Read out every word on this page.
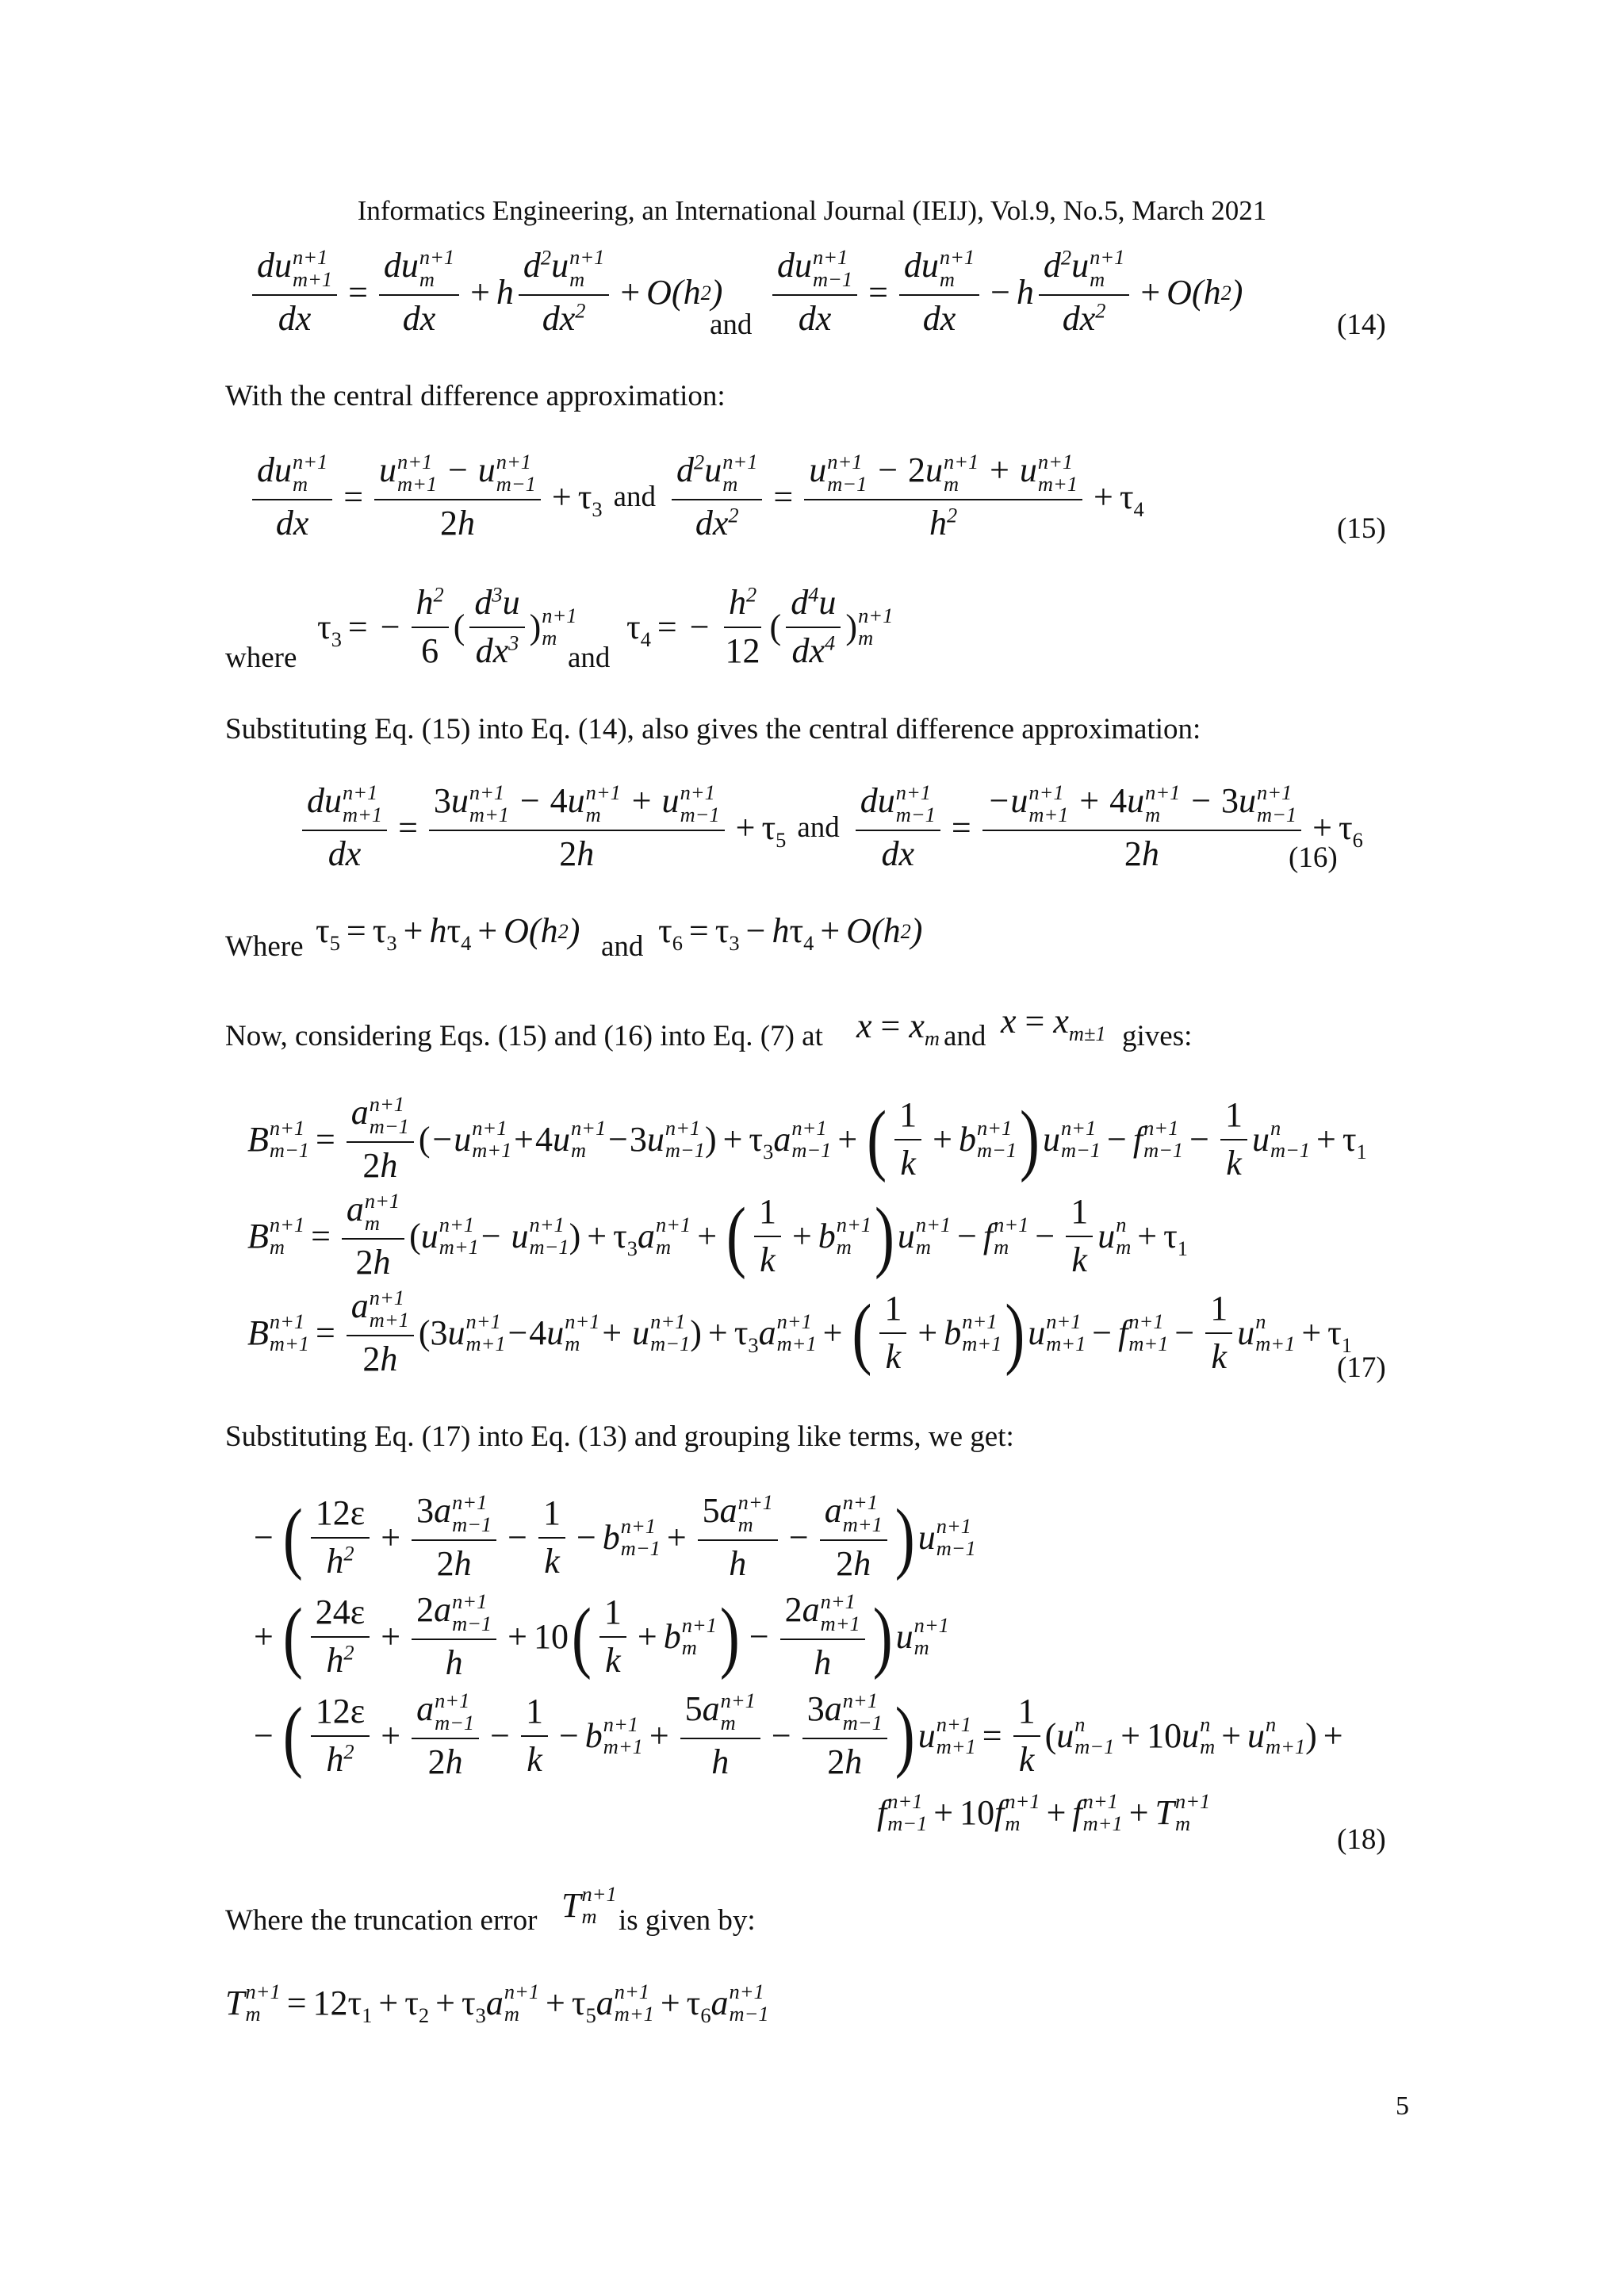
Informatics Engineering, an International Journal (IEIJ), Vol.9, No.5, March 2021
du n+1
m+1
dx = du n+1
m
dx + h $d^2u$ n+1
m
$dx^2 + O(h$ 2 )
and du n+1
m−1
dx = du n+1
m
dx − h $d^2u$ n+1
m
$dx^2 + O(h$ 2 )
(14)
With the central difference approximation:
du n+1
m
dx = u n+1
m+1 − u n+1
m−1
$2h + \tau_3$ and $d^2u$ n+1
m
$dx^2 = u$ n+1
m−1 − 2u n+1
m + u n+1
m+1
$h^2 + \tau_4$
(15)
where
$\tau_3$ = − $\frac{h^2}{6}$ ( $\frac{d^3u}{dx^3}$ ) n+1
m
and
$\tau_4$ = − $\frac{h^2}{12}$ ( $\frac{d^4u}{dx^4}$ ) n+1
m
Substituting Eq. (15) into Eq. (14), also gives the central difference approximation:
du n+1
m+1
dx = 3u n+1
m+1 − 4u n+1
m + u n+1
m−1
$2h + \tau_5$ and du n+1
m−1
dx = −u n+1
m+1 + 4u n+1
m − 3u n+1
m−1
$2h + \tau_6$
(16)
Where $\tau_5 = \tau_3 + h$ $\tau_4 + O(h$ 2 ) and $\tau_6 = \tau_3 - h$ $\tau_4 + O(h$ 2 )
Now, considering Eqs. (15) and (16) into Eq. (7) at $x = x_m$ and $x = x_{m\pm 1}$ gives:
B n+1
m−1 = a n+1
m−1
2h ( −u n+1
m+1 + 4 u n+1
m − 3 u n+1
m−1 ) + $\tau_3$ a n+1
m−1 + ( $\frac{1}{k} + b$ n+1
m−1 ) u n+1
m−1 − f n+1
$m-1 - \frac{1}{k}$ u n
$m-1 + \tau_1$
B n+1
m = a n+1
m
2h ( u n+1
m+1 − u n+1
m−1 ) + $\tau_3$ a n+1
m + ( $\frac{1}{k} + b$ n+1
m ) u n+1
m − f n+1
$m - \frac{1}{k}$ u n
$m + \tau_1$
B n+1
m+1 = a n+1
m+1
2h (3 u n+1
m+1 − 4 u n+1
m + u n+1
m−1 ) + $\tau_3$ a n+1
m+1 + ( $\frac{1}{k} + b$ n+1
m+1 ) u n+1
m+1 − f n+1
$m+1 - \frac{1}{k}$ u n
$m+1 + \tau_1$
(17)
Substituting Eq. (17) into Eq. (13) and grouping like terms, we get:
− ( $\frac{12\varepsilon}{h^2} + 3a$ n+1
m−1
$2h - \frac{1}{k} - b$ n+1
m−1 + 5a n+1
m
h − a n+1
m+1
2h ) u n+1
m−1
+ ( $\frac{24\varepsilon}{h^2} + 2a$ n+1
m−1
h + 10 ( $\frac{1}{k} + b$ n+1
m ) − 2a n+1
m+1
h ) u n+1
m
− ( $\frac{12\varepsilon}{h^2} + a$ n+1
m−1
$2h - \frac{1}{k} - b$ n+1
m+1 + 5a n+1
m
h − 3a n+1
m−1
2h ) u n+1
$m+1 = \frac{1}{k}$ ( u n
m−1 + 10 u n
m + u n
m+1 ) +
f n+1
m−1 + 10 f n+1
m + f n+1
m+1 + T n+1
m
(18)
Where the truncation error T n+1
m is given by:
T n+1
$m = 12\tau_1 + \tau_2 + \tau_3$ a n+1
$m + \tau_5$ a n+1
$m+1 + \tau_6$ a n+1
m−1
5
